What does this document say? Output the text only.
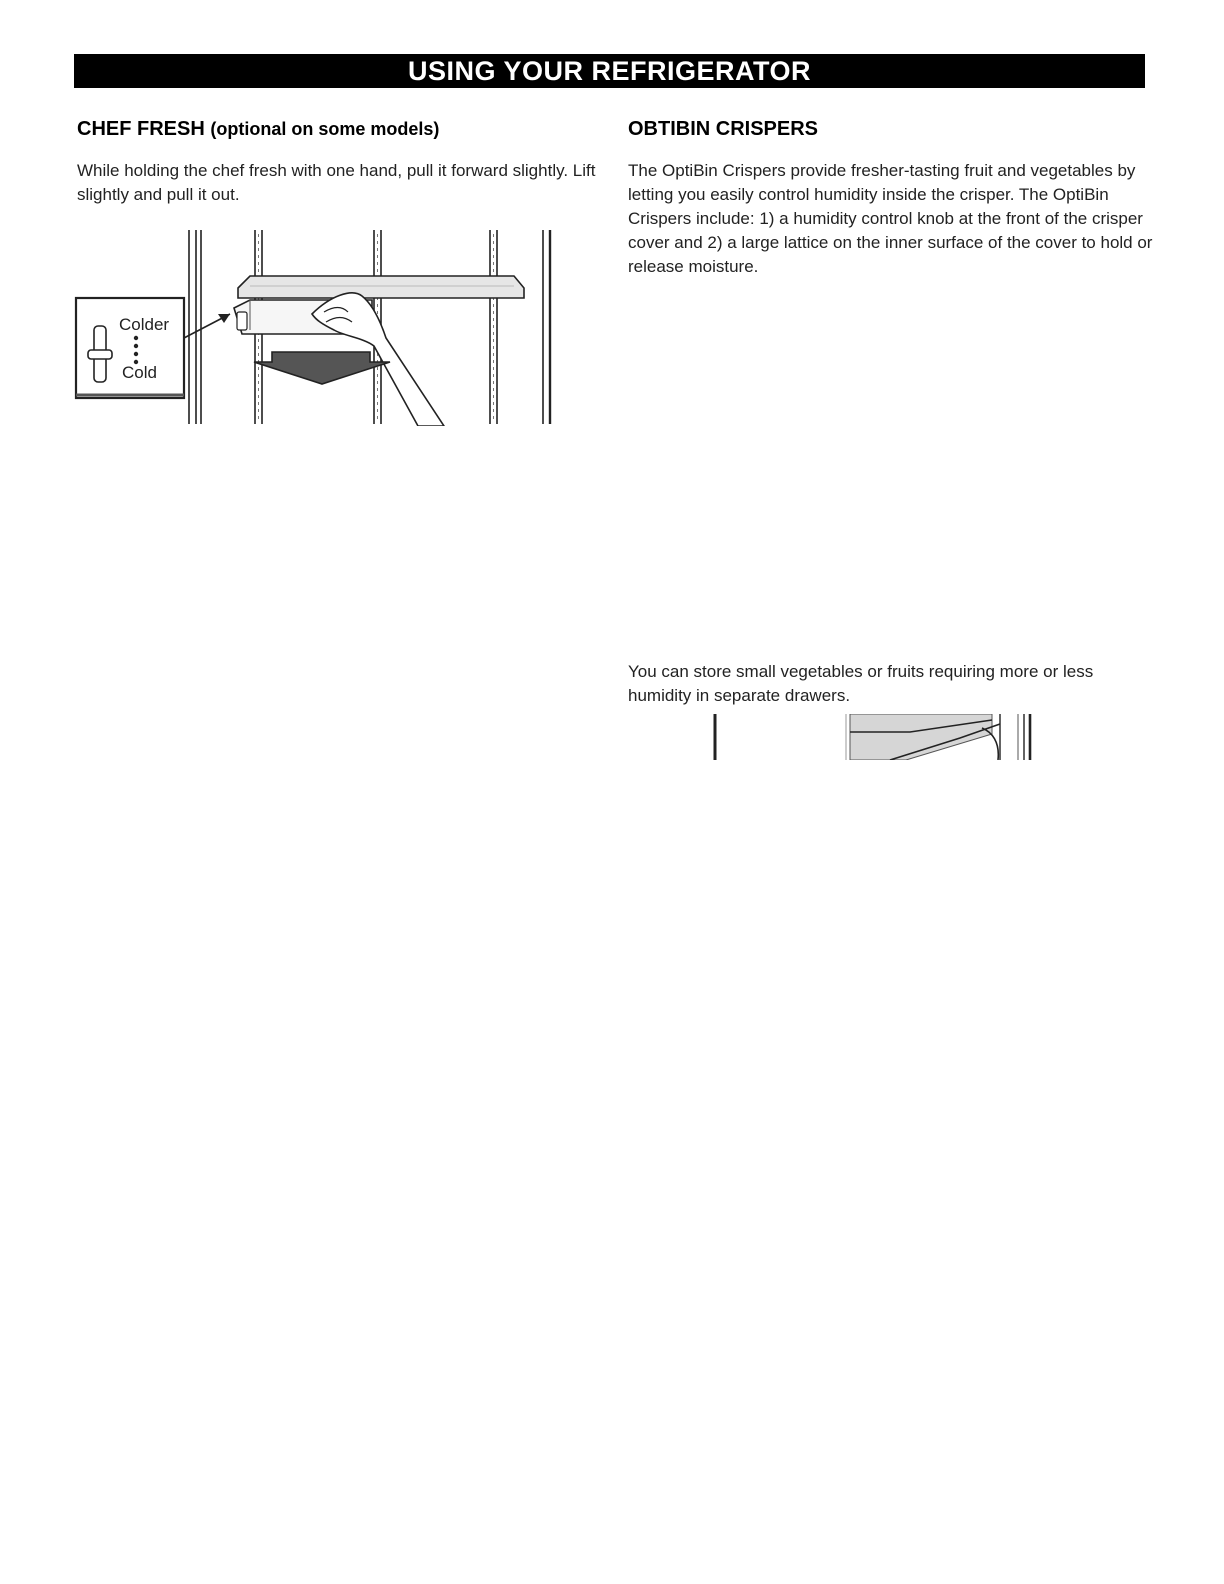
USING YOUR REFRIGERATOR
CHEF FRESH (optional on some models)

While holding the chef fresh with one hand, pull it forward slightly. Lift slightly and pull it out.

Colder
Cold
OBTIBIN CRISPERS

The OptiBin Crispers provide fresher-tasting fruit and vegetables by letting you easily control humidity inside the crisper. The OptiBin Crispers include: 1) a humidity control knob at the front of the crisper cover and 2) a large lattice on the inner surface of the cover to hold or release moisture.

You can store small vegetables or fruits requiring more or less humidity in separate drawers.
